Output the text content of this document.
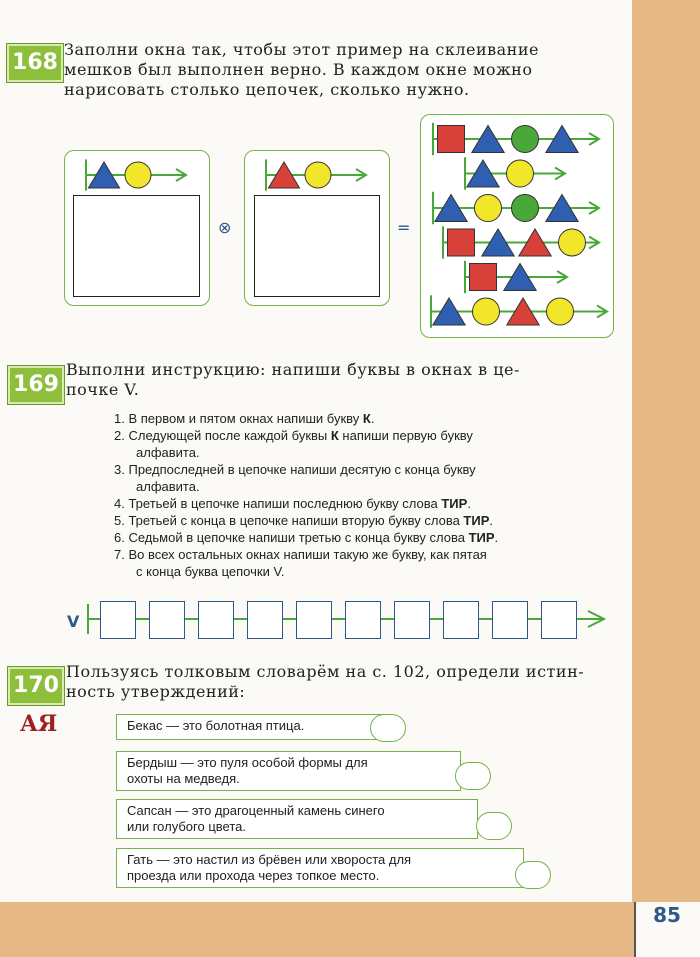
85
168
Заполни окна так, чтобы этот пример на склеивание
мешков был выполнен верно. В каждом окне можно
нарисовать столько цепочек, сколько нужно.
⊗	=
169
Выполни инструкцию: напиши буквы в окнах в це-
почке V.
1. В первом и пятом окнах напиши букву К.
2. Следующей после каждой буквы К напиши первую букву
алфавита.
3. Предпоследней в цепочке напиши десятую с конца букву
алфавита.
4. Третьей в цепочке напиши последнюю букву слова ТИР.
5. Третьей с конца в цепочке напиши вторую букву слова ТИР.
6. Седьмой в цепочке напиши третью с конца букву слова ТИР.
7. Во всех остальных окнах напиши такую же букву, как пятая
с конца буква цепочки V.
V
170
Пользуясь толковым словарём на с. 102, определи истин-
ность утверждений:
АЯ	Бекас — это болотная птица.
Бердыш — это пуля особой формы для
охоты на медведя.
Сапсан — это драгоценный камень синего
или голубого цвета.
Гать — это настил из брёвен или хвороста для
проезда или прохода через топкое место.
